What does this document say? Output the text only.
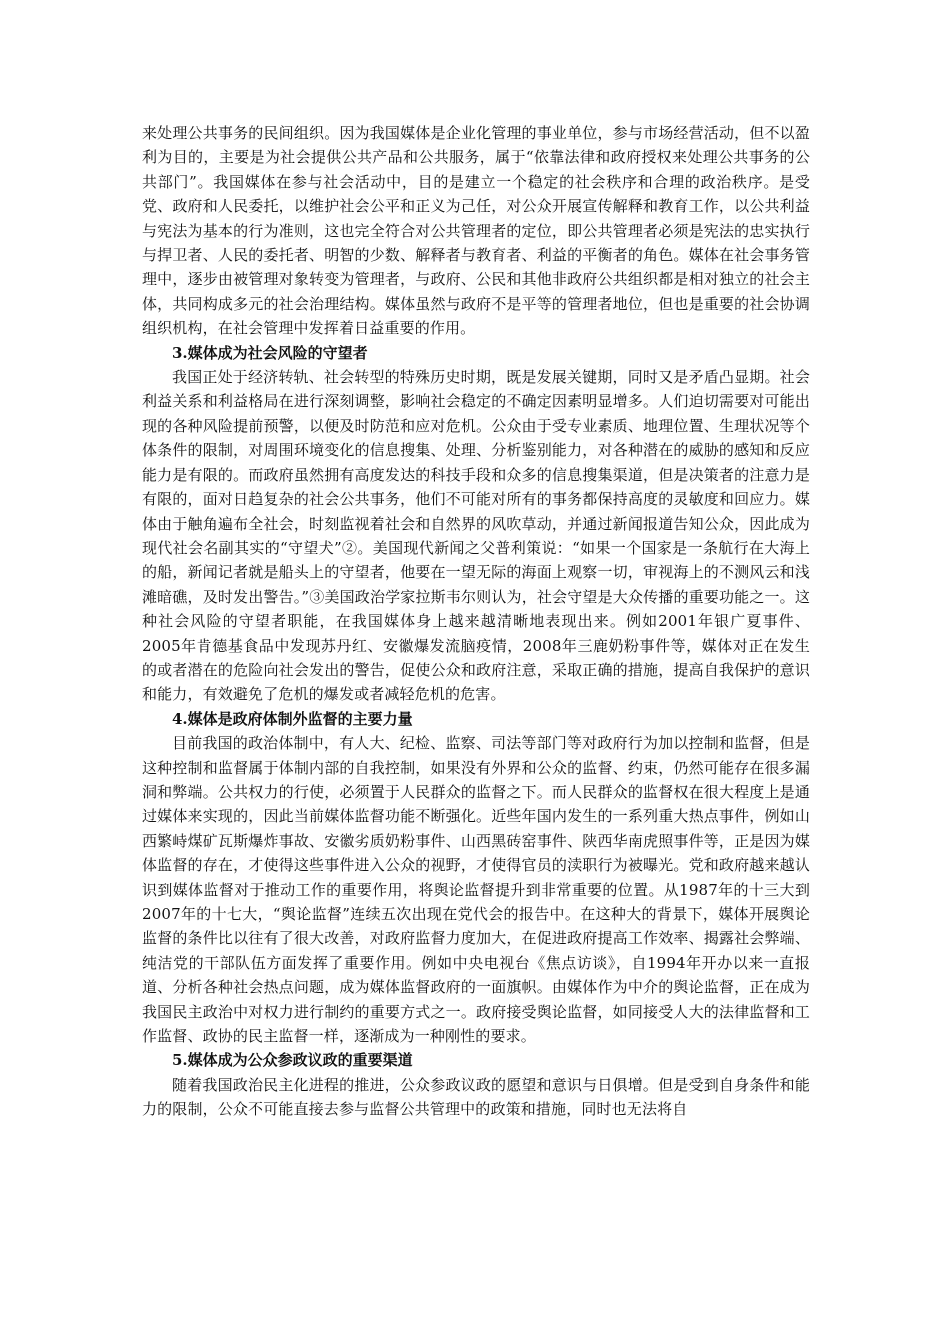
来处理公共事务的民间组织。因为我国媒体是企业化管理的事业单位，参与市场经营活动，但不以盈利为目的，主要是为社会提供公共产品和公共服务，属于“依靠法律和政府授权来处理公共事务的公共部门”。我国媒体在参与社会活动中，目的是建立一个稳定的社会秩序和合理的政治秩序。是受党、政府和人民委托，以维护社会公平和正义为己任，对公众开展宣传解释和教育工作，以公共利益与宪法为基本的行为准则，这也完全符合对公共管理者的定位，即公共管理者必须是宪法的忠实执行与捍卫者、人民的委托者、明智的少数、解释者与教育者、利益的平衡者的角色。媒体在社会事务管理中，逐步由被管理对象转变为管理者，与政府、公民和其他非政府公共组织都是相对独立的社会主体，共同构成多元的社会治理结构。媒体虽然与政府不是平等的管理者地位，但也是重要的社会协调组织机构，在社会管理中发挥着日益重要的作用。

3.媒体成为社会风险的守望者

我国正处于经济转轨、社会转型的特殊历史时期，既是发展关键期，同时又是矛盾凸显期。社会利益关系和利益格局在进行深刻调整，影响社会稳定的不确定因素明显增多。人们迫切需要对可能出现的各种风险提前预警，以便及时防范和应对危机。公众由于受专业素质、地理位置、生理状况等个体条件的限制，对周围环境变化的信息搜集、处理、分析鉴别能力，对各种潜在的威胁的感知和反应能力是有限的。而政府虽然拥有高度发达的科技手段和众多的信息搜集渠道，但是决策者的注意力是有限的，面对日趋复杂的社会公共事务，他们不可能对所有的事务都保持高度的灵敏度和回应力。媒体由于触角遍布全社会，时刻监视着社会和自然界的风吹草动，并通过新闻报道告知公众，因此成为现代社会名副其实的“守望犬”②。美国现代新闻之父普利策说：“如果一个国家是一条航行在大海上的船，新闻记者就是船头上的守望者，他要在一望无际的海面上观察一切，审视海上的不测风云和浅滩暗礁，及时发出警告。”③美国政治学家拉斯韦尔则认为，社会守望是大众传播的重要功能之一。这种社会风险的守望者职能，在我国媒体身上越来越清晰地表现出来。例如2001年银广夏事件、2005年肯德基食品中发现苏丹红、安徽爆发流脑疫情，2008年三鹿奶粉事件等，媒体对正在发生的或者潜在的危险向社会发出的警告，促使公众和政府注意，采取正确的措施，提高自我保护的意识和能力，有效避免了危机的爆发或者减轻危机的危害。

4.媒体是政府体制外监督的主要力量

目前我国的政治体制中，有人大、纪检、监察、司法等部门等对政府行为加以控制和监督，但是这种控制和监督属于体制内部的自我控制，如果没有外界和公众的监督、约束，仍然可能存在很多漏洞和弊端。公共权力的行使，必须置于人民群众的监督之下。而人民群众的监督权在很大程度上是通过媒体来实现的，因此当前媒体监督功能不断强化。近些年国内发生的一系列重大热点事件，例如山西繁峙煤矿瓦斯爆炸事故、安徽劣质奶粉事件、山西黑砖窑事件、陕西华南虎照事件等，正是因为媒体监督的存在，才使得这些事件进入公众的视野，才使得官员的渎职行为被曝光。党和政府越来越认识到媒体监督对于推动工作的重要作用，将舆论监督提升到非常重要的位置。从1987年的十三大到2007年的十七大，“舆论监督”连续五次出现在党代会的报告中。在这种大的背景下，媒体开展舆论监督的条件比以往有了很大改善，对政府监督力度加大，在促进政府提高工作效率、揭露社会弊端、纯洁党的干部队伍方面发挥了重要作用。例如中央电视台《焦点访谈》，自1994年开办以来一直报道、分析各种社会热点问题，成为媒体监督政府的一面旗帜。由媒体作为中介的舆论监督，正在成为我国民主政治中对权力进行制约的重要方式之一。政府接受舆论监督，如同接受人大的法律监督和工作监督、政协的民主监督一样，逐渐成为一种刚性的要求。

5.媒体成为公众参政议政的重要渠道

随着我国政治民主化进程的推进，公众参政议政的愿望和意识与日俱增。但是受到自身条件和能力的限制，公众不可能直接去参与监督公共管理中的政策和措施，同时也无法将自
